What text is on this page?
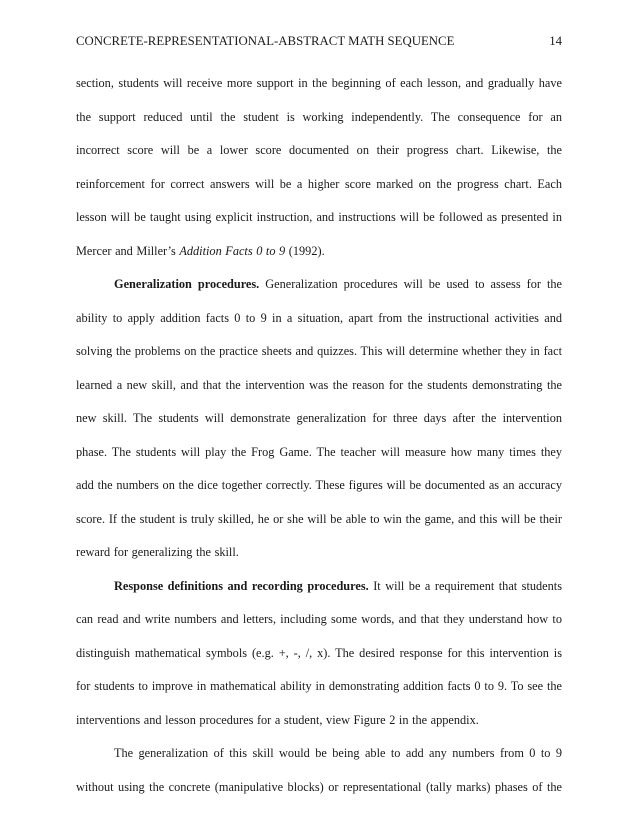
CONCRETE-REPRESENTATIONAL-ABSTRACT MATH SEQUENCE	14
section, students will receive more support in the beginning of each lesson, and gradually have
the support reduced until the student is working independently. The consequence for an
incorrect score will be a lower score documented on their progress chart. Likewise, the
reinforcement for correct answers will be a higher score marked on the progress chart. Each
lesson will be taught using explicit instruction, and instructions will be followed as presented in
Mercer and Miller’s Addition Facts 0 to 9 (1992).
Generalization procedures. Generalization procedures will be used to assess for the
ability to apply addition facts 0 to 9 in a situation, apart from the instructional activities and
solving the problems on the practice sheets and quizzes. This will determine whether they in fact
learned a new skill, and that the intervention was the reason for the students demonstrating the
new skill. The students will demonstrate generalization for three days after the intervention
phase. The students will play the Frog Game. The teacher will measure how many times they
add the numbers on the dice together correctly. These figures will be documented as an accuracy
score. If the student is truly skilled, he or she will be able to win the game, and this will be their
reward for generalizing the skill.
Response definitions and recording procedures. It will be a requirement that students
can read and write numbers and letters, including some words, and that they understand how to
distinguish mathematical symbols (e.g. +, -, /, x). The desired response for this intervention is
for students to improve in mathematical ability in demonstrating addition facts 0 to 9. To see the
interventions and lesson procedures for a student, view Figure 2 in the appendix.
The generalization of this skill would be being able to add any numbers from 0 to 9
without using the concrete (manipulative blocks) or representational (tally marks) phases of the
